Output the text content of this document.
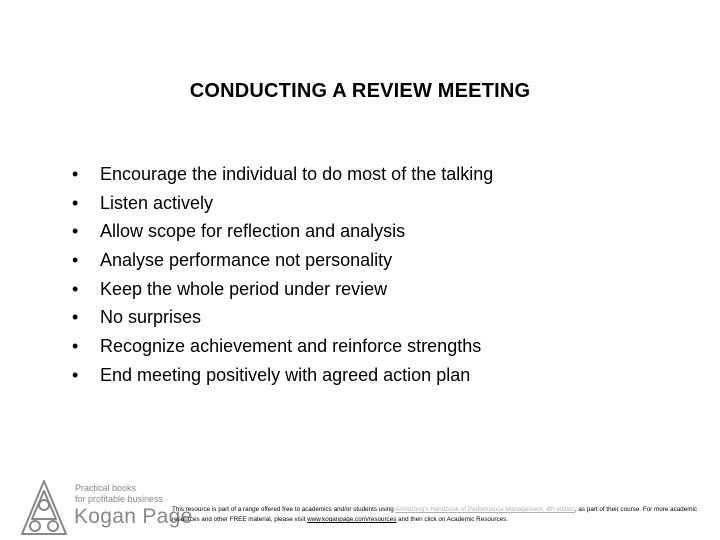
CONDUCTING A REVIEW MEETING
•	Encourage the individual to do most of the talking
•	Listen actively
•	Allow scope for reflection and analysis
•	Analyse performance not personality
•	Keep the whole period under review
•	No surprises
•	Recognize achievement and reinforce strengths
•	End meeting positively with agreed action plan
Practical books
for profitable business
Kogan Page
This resource is part of a range offered free to academics and/or students using Armstrong's Handbook of Performance Management, 4th edition, as part of their course. For more academic resources and other FREE material, please visit www.koganpage.com/resources and then click on Academic Resources.
